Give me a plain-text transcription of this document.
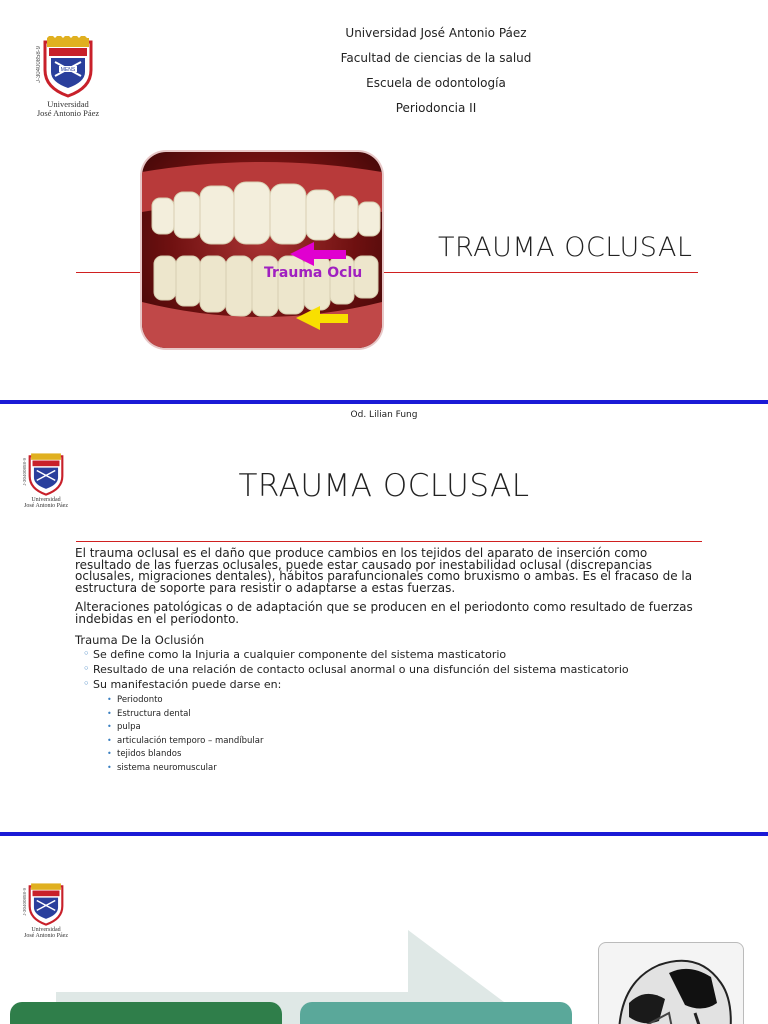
J-30400858-9	MENS
Universidad
José Antonio Páez
Universidad José Antonio Páez
Facultad de ciencias de la salud
Escuela de odontología
Periodoncia II
Trauma Oclu
TRAUMA OCLUSAL
Od. Lilian Fung
J-30400858-9
Universidad
José Antonio Páez
TRAUMA OCLUSAL

El trauma oclusal es el daño que produce cambios en los tejidos del aparato de inserción como resultado de las fuerzas oclusales, puede estar causado por inestabilidad oclusal (discrepancias oclusales, migraciones dentales), hábitos parafuncionales como bruxismo o ambas. Es el fracaso de la estructura de soporte para resistir o adaptarse a estas fuerzas.

Alteraciones patológicas o de adaptación que se producen en el periodonto como resultado de fuerzas indebidas en el periodonto.

Trauma De la Oclusión
◦ Se define como la Injuria a cualquier componente del sistema masticatorio
◦ Resultado de una relación de contacto oclusal anormal o una disfunción del sistema masticatorio
◦ Su manifestación puede darse en:
• Periodonto
• Estructura dental
• pulpa
• articulación temporo – mandíbular
• tejidos blandos
• sistema neuromuscular
J-30400858-9
Universidad
José Antonio Páez
